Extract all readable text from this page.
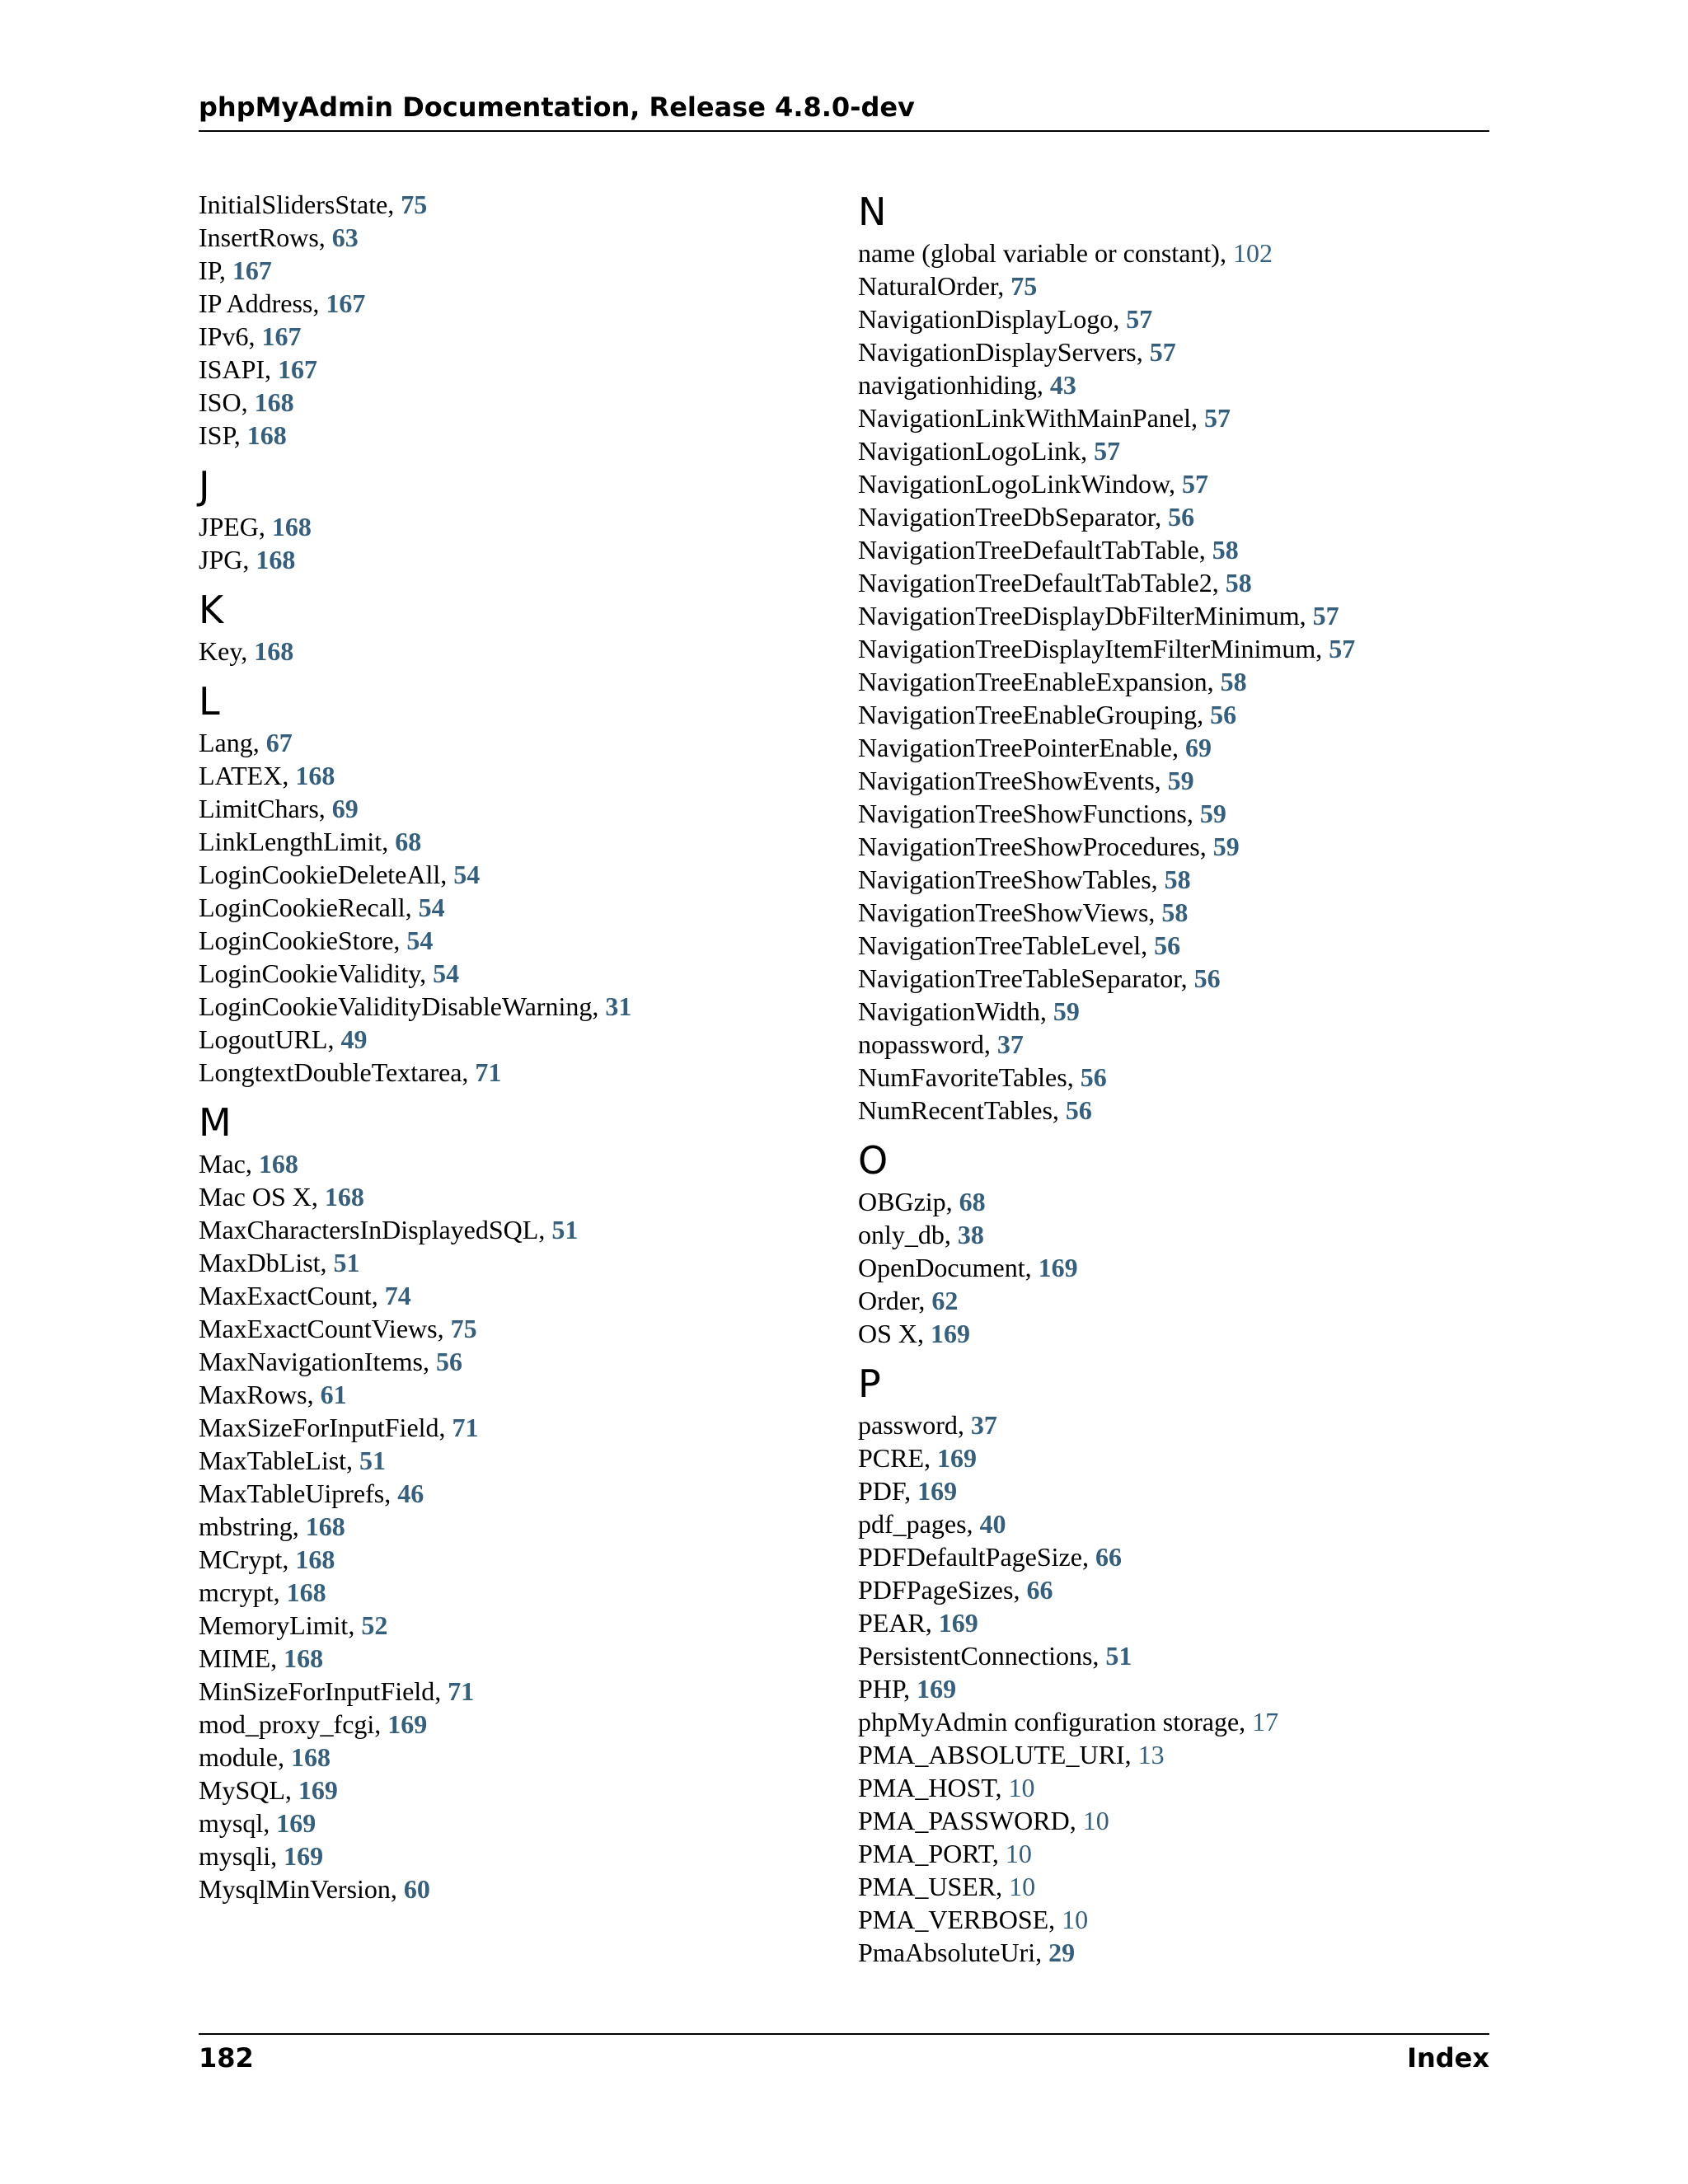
phpMyAdmin Documentation, Release 4.8.0-dev
InitialSlidersState, 75
InsertRows, 63
IP, 167
IP Address, 167
IPv6, 167
ISAPI, 167
ISO, 168
ISP, 168
J
JPEG, 168
JPG, 168
K
Key, 168
L
Lang, 67
LATEX, 168
LimitChars, 69
LinkLengthLimit, 68
LoginCookieDeleteAll, 54
LoginCookieRecall, 54
LoginCookieStore, 54
LoginCookieValidity, 54
LoginCookieValidityDisableWarning, 31
LogoutURL, 49
LongtextDoubleTextarea, 71
M
Mac, 168
Mac OS X, 168
MaxCharactersInDisplayedSQL, 51
MaxDbList, 51
MaxExactCount, 74
MaxExactCountViews, 75
MaxNavigationItems, 56
MaxRows, 61
MaxSizeForInputField, 71
MaxTableList, 51
MaxTableUiprefs, 46
mbstring, 168
MCrypt, 168
mcrypt, 168
MemoryLimit, 52
MIME, 168
MinSizeForInputField, 71
mod_proxy_fcgi, 169
module, 168
MySQL, 169
mysql, 169
mysqli, 169
MysqlMinVersion, 60
N
name (global variable or constant), 102
NaturalOrder, 75
NavigationDisplayLogo, 57
NavigationDisplayServers, 57
navigationhiding, 43
NavigationLinkWithMainPanel, 57
NavigationLogoLink, 57
NavigationLogoLinkWindow, 57
NavigationTreeDbSeparator, 56
NavigationTreeDefaultTabTable, 58
NavigationTreeDefaultTabTable2, 58
NavigationTreeDisplayDbFilterMinimum, 57
NavigationTreeDisplayItemFilterMinimum, 57
NavigationTreeEnableExpansion, 58
NavigationTreeEnableGrouping, 56
NavigationTreePointerEnable, 69
NavigationTreeShowEvents, 59
NavigationTreeShowFunctions, 59
NavigationTreeShowProcedures, 59
NavigationTreeShowTables, 58
NavigationTreeShowViews, 58
NavigationTreeTableLevel, 56
NavigationTreeTableSeparator, 56
NavigationWidth, 59
nopassword, 37
NumFavoriteTables, 56
NumRecentTables, 56
O
OBGzip, 68
only_db, 38
OpenDocument, 169
Order, 62
OS X, 169
P
password, 37
PCRE, 169
PDF, 169
pdf_pages, 40
PDFDefaultPageSize, 66
PDFPageSizes, 66
PEAR, 169
PersistentConnections, 51
PHP, 169
phpMyAdmin configuration storage, 17
PMA_ABSOLUTE_URI, 13
PMA_HOST, 10
PMA_PASSWORD, 10
PMA_PORT, 10
PMA_USER, 10
PMA_VERBOSE, 10
PmaAbsoluteUri, 29
182	Index
